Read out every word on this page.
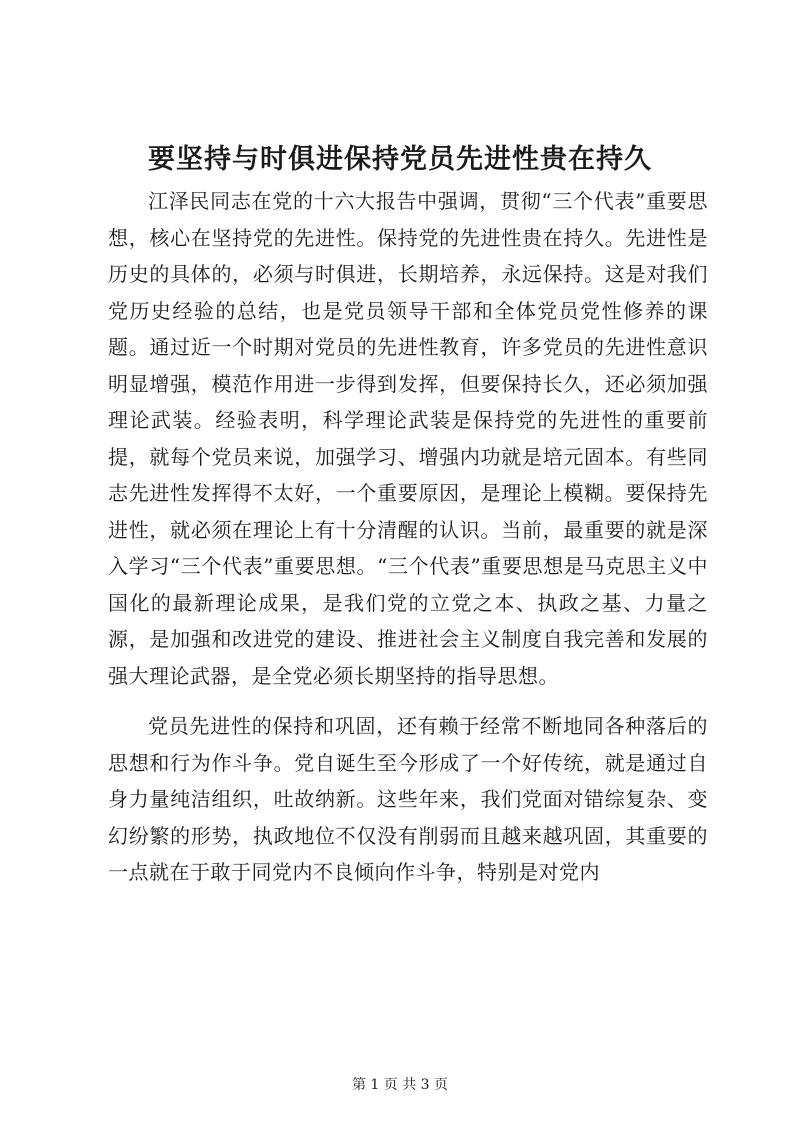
要坚持与时俱进保持党员先进性贵在持久

江泽民同志在党的十六大报告中强调，贯彻“三个代表”重要思想，核心在坚持党的先进性。保持党的先进性贵在持久。先进性是历史的具体的，必须与时俱进，长期培养，永远保持。这是对我们党历史经验的总结，也是党员领导干部和全体党员党性修养的课题。通过近一个时期对党员的先进性教育，许多党员的先进性意识明显增强，模范作用进一步得到发挥，但要保持长久，还必须加强理论武装。经验表明，科学理论武装是保持党的先进性的重要前提，就每个党员来说，加强学习、增强内功就是培元固本。有些同志先进性发挥得不太好，一个重要原因，是理论上模糊。要保持先进性，就必须在理论上有十分清醒的认识。当前，最重要的就是深入学习“三个代表”重要思想。“三个代表”重要思想是马克思主义中国化的最新理论成果，是我们党的立党之本、执政之基、力量之源，是加强和改进党的建设、推进社会主义制度自我完善和发展的强大理论武器，是全党必须长期坚持的指导思想。

党员先进性的保持和巩固，还有赖于经常不断地同各种落后的思想和行为作斗争。党自诞生至今形成了一个好传统，就是通过自身力量纯洁组织，吐故纳新。这些年来，我们党面对错综复杂、变幻纷繁的形势，执政地位不仅没有削弱而且越来越巩固，其重要的一点就在于敢于同党内不良倾向作斗争，特别是对党内

第 1 页 共 3 页
